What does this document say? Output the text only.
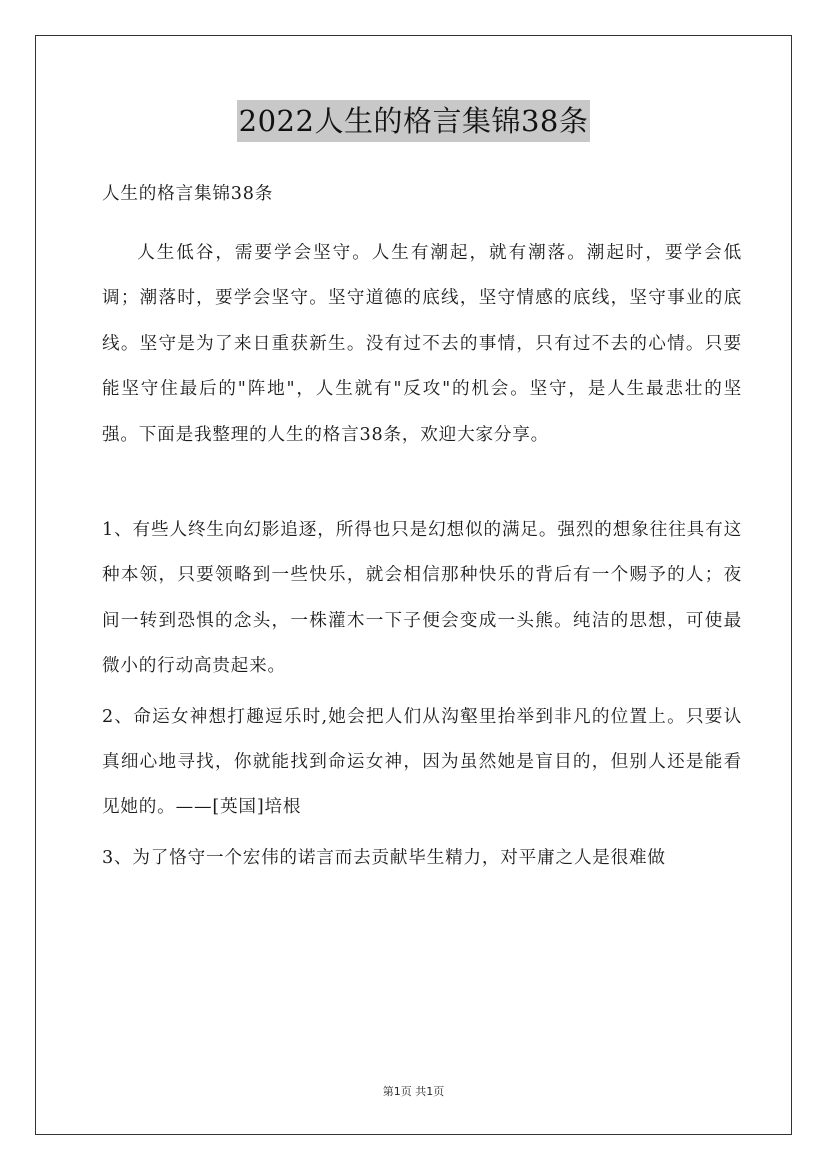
2022人生的格言集锦38条

人生的格言集锦38条

人生低谷，需要学会坚守。人生有潮起，就有潮落。潮起时，要学会低调；潮落时，要学会坚守。坚守道德的底线，坚守情感的底线，坚守事业的底线。坚守是为了来日重获新生。没有过不去的事情，只有过不去的心情。只要能坚守住最后的"阵地"，人生就有"反攻"的机会。坚守，是人生最悲壮的坚强。下面是我整理的人生的格言38条，欢迎大家分享。

1、有些人终生向幻影追逐，所得也只是幻想似的满足。强烈的想象往往具有这种本领，只要领略到一些快乐，就会相信那种快乐的背后有一个赐予的人；夜间一转到恐惧的念头，一株灌木一下子便会变成一头熊。纯洁的思想，可使最微小的行动高贵起来。

2、命运女神想打趣逗乐时,她会把人们从沟壑里抬举到非凡的位置上。只要认真细心地寻找，你就能找到命运女神，因为虽然她是盲目的，但别人还是能看见她的。——[英国]培根

3、为了恪守一个宏伟的诺言而去贡献毕生精力，对平庸之人是很难做

第1页 共1页
